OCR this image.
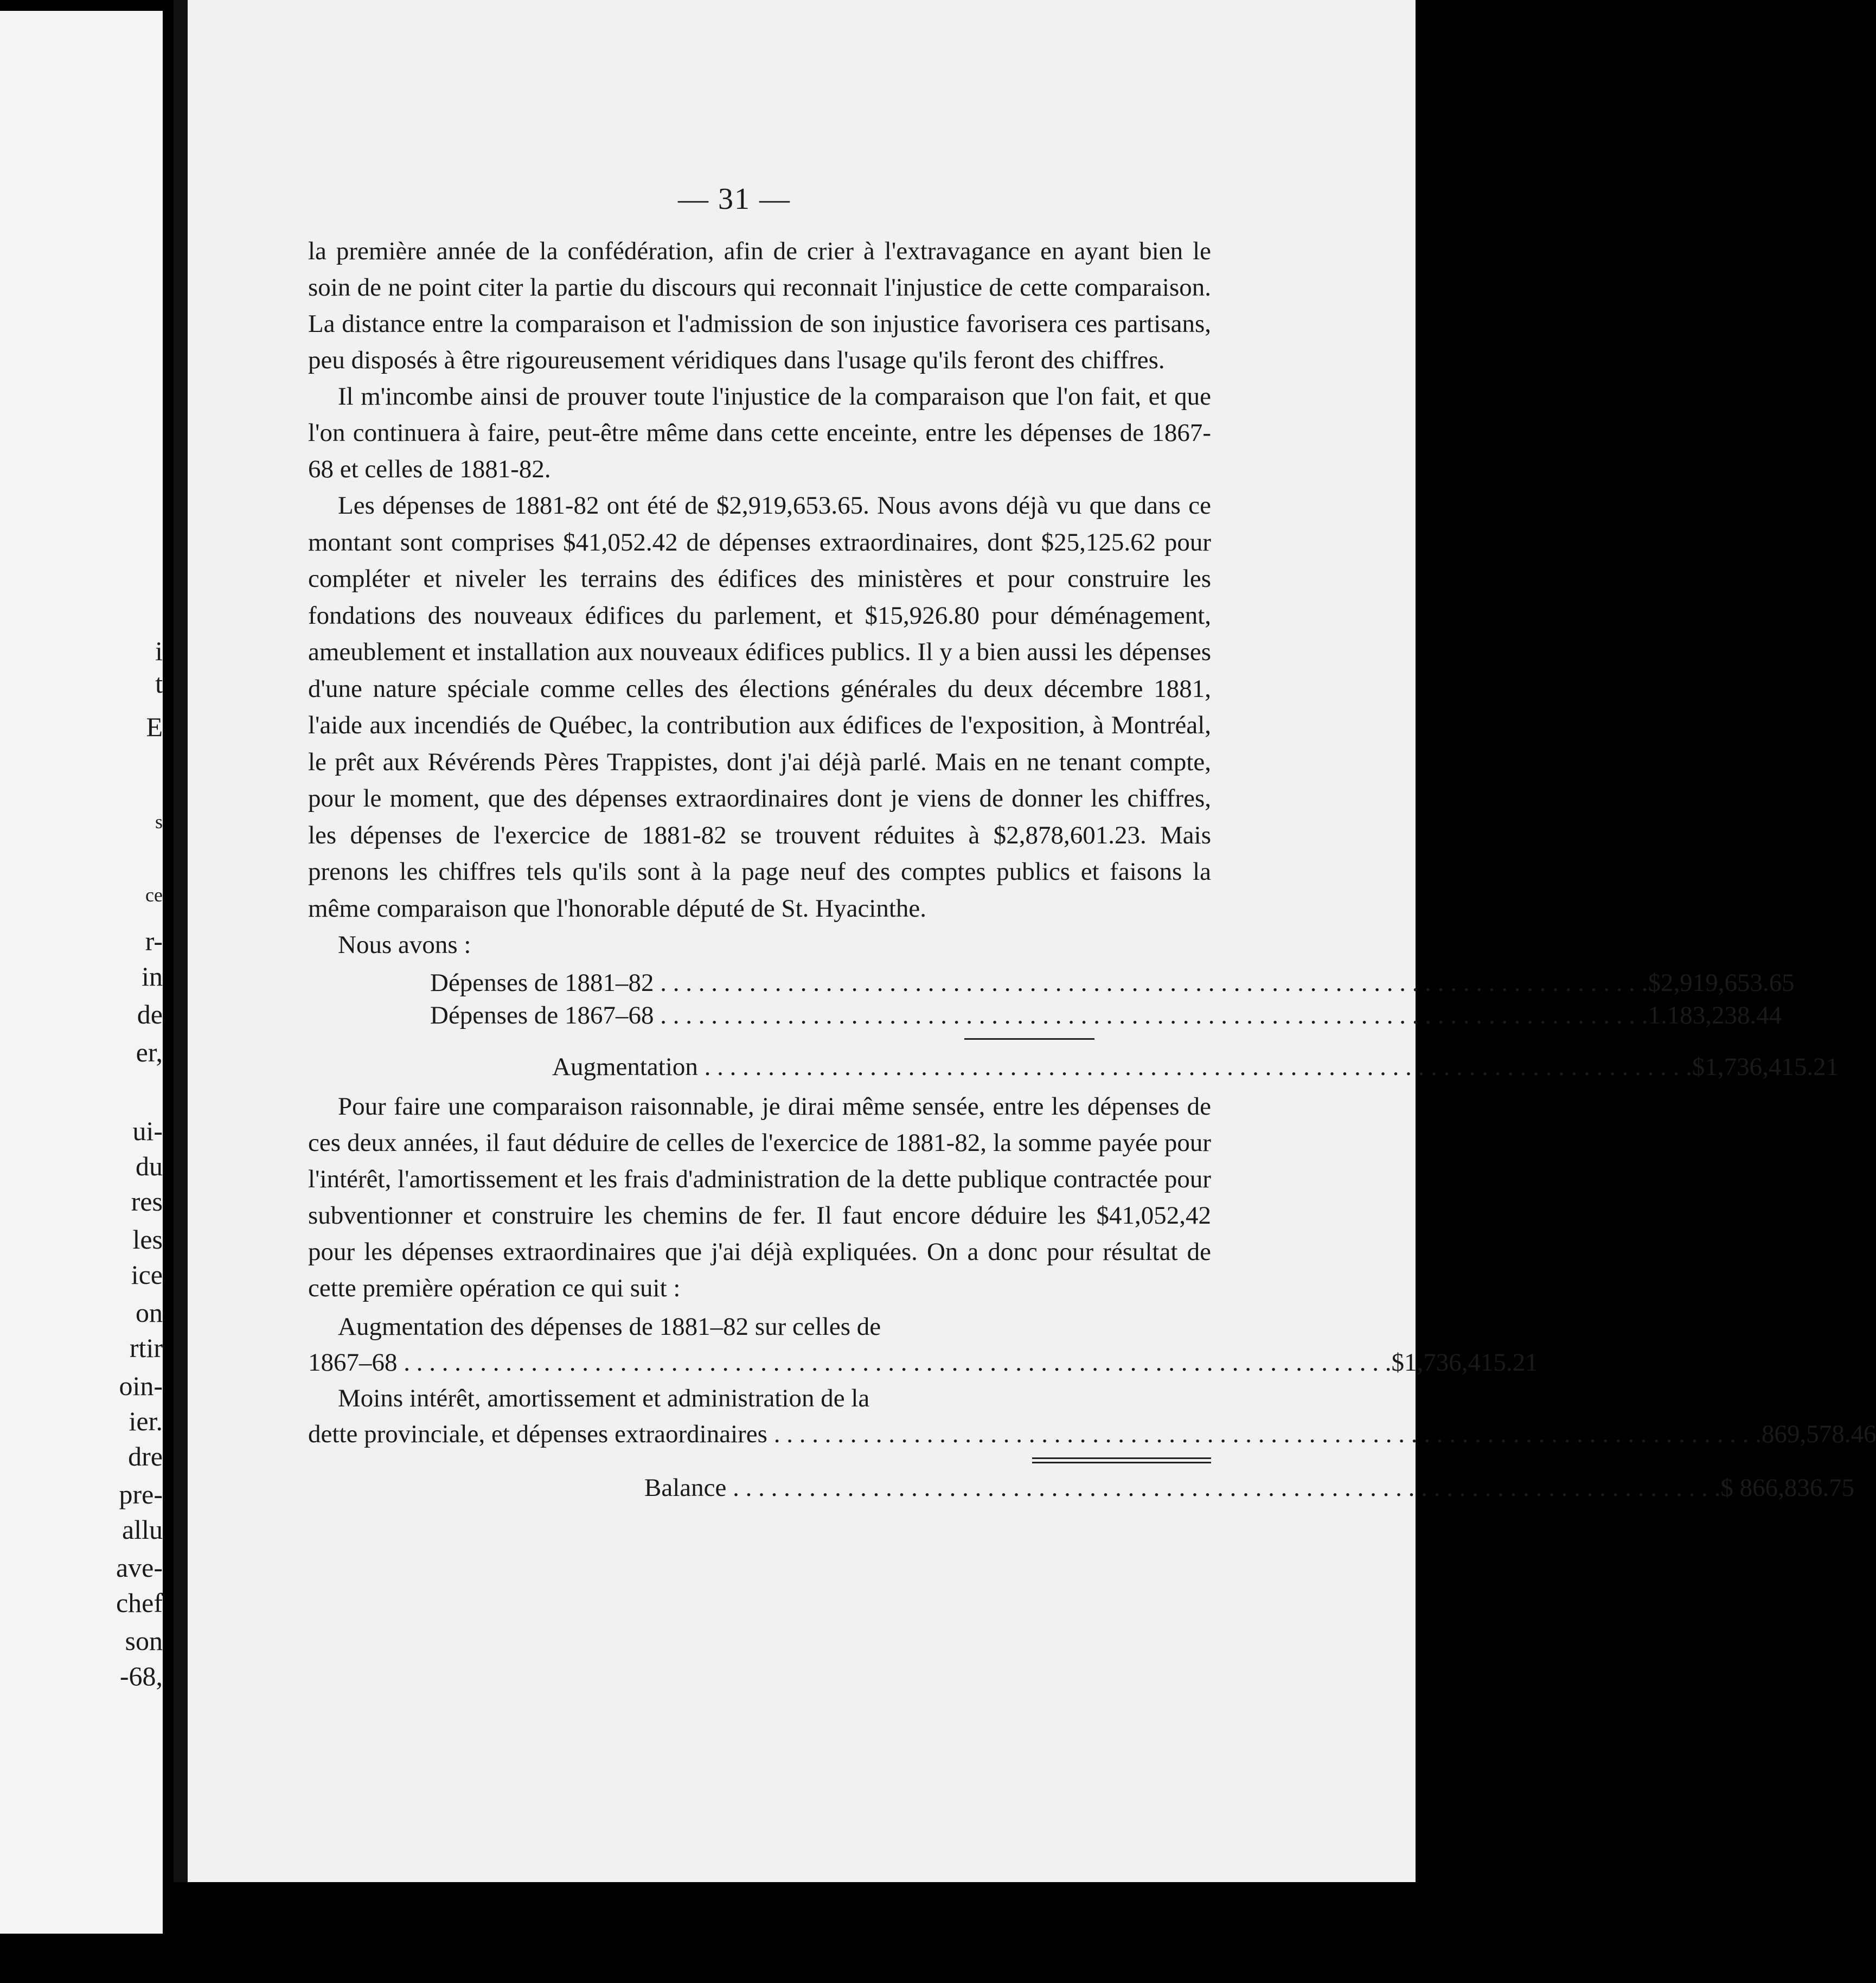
i
t
E
s
ce
r-
in
de
er,
ui-
du
res
les
ice
on
rtir
oin-
ier.
dre
pre-
allu
ave-
chef
son
-68,
— 31 —

la première année de la confédération, afin de crier à l'extravagance en ayant bien le soin de ne point citer la partie du discours qui reconnait l'injustice de cette comparaison. La distance entre la comparaison et l'admission de son injustice favorisera ces partisans, peu disposés à être rigoureusement véridiques dans l'usage qu'ils feront des chiffres.

Il m'incombe ainsi de prouver toute l'injustice de la comparaison que l'on fait, et que l'on continuera à faire, peut-être même dans cette enceinte, entre les dépenses de 1867-68 et celles de 1881-82.

Les dépenses de 1881-82 ont été de $2,919,653.65. Nous avons déjà vu que dans ce montant sont comprises $41,052.42 de dépenses extraordinaires, dont $25,125.62 pour compléter et niveler les terrains des édifices des ministères et pour construire les fondations des nouveaux édifices du parlement, et $15,926.80 pour déménagement, ameublement et installation aux nouveaux édifices publics. Il y a bien aussi les dépenses d'une nature spéciale comme celles des élections générales du deux décembre 1881, l'aide aux incendiés de Québec, la contribution aux édifices de l'exposition, à Montréal, le prêt aux Révérends Pères Trappistes, dont j'ai déjà parlé. Mais en ne tenant compte, pour le moment, que des dépenses extraordinaires dont je viens de donner les chiffres, les dépenses de l'exercice de 1881-82 se trouvent réduites à $2,878,601.23. Mais prenons les chiffres tels qu'ils sont à la page neuf des comptes publics et faisons la même comparaison que l'honorable député de St. Hyacinthe.

Nous avons :

Dépenses de 1881–82 . . .	$2,919,653.65
Dépenses de 1867–68 . . .	1.183,238.44
Augmentation . . .	$1,736,415.21

Pour faire une comparaison raisonnable, je dirai même sensée, entre les dépenses de ces deux années, il faut déduire de celles de l'exercice de 1881-82, la somme payée pour l'intérêt, l'amortissement et les frais d'administration de la dette publique contractée pour subventionner et construire les chemins de fer. Il faut encore déduire les $41,052,42 pour les dépenses extraordinaires que j'ai déjà expliquées. On a donc pour résultat de cette première opération ce qui suit :

Augmentation des dépenses de 1881–82 sur celles de
1867–68 . . .	$1,736,415.21
Moins intérêt, amortissement et administration de la
dette provinciale, et dépenses extraordinaires . . .	869,578.46
Balance . . .	$ 866,836.75
